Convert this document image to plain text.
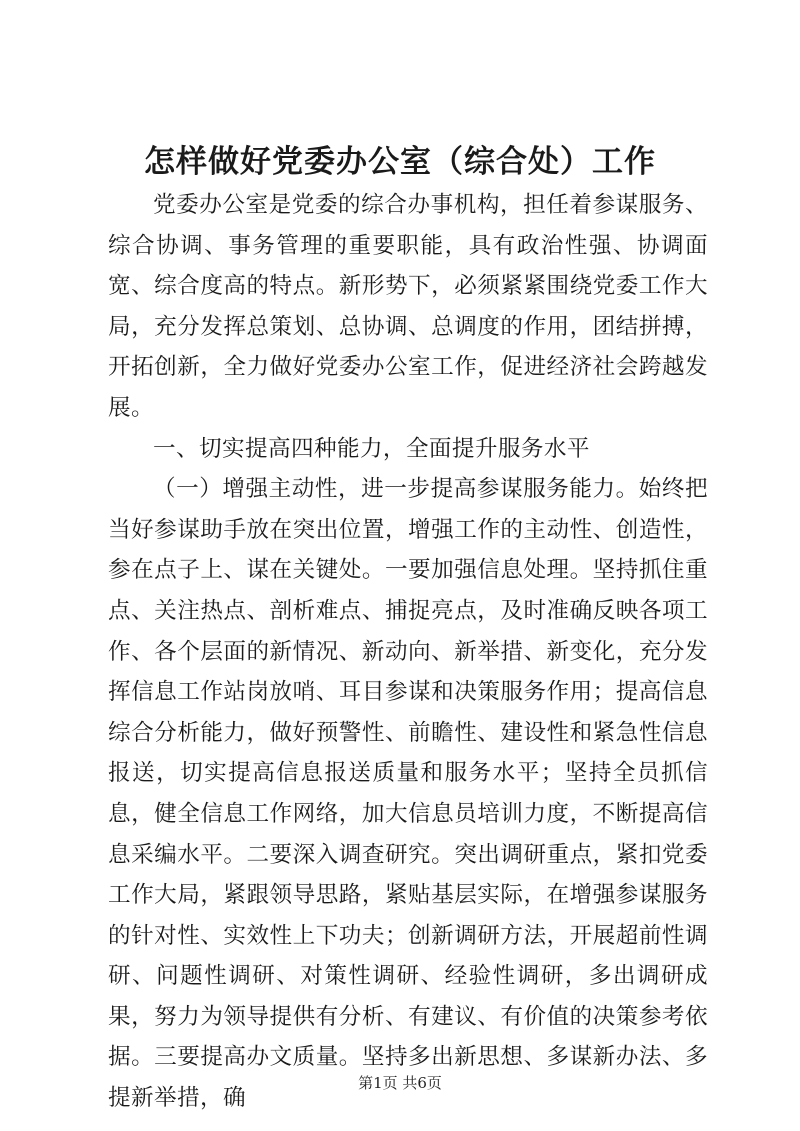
怎样做好党委办公室（综合处）工作

党委办公室是党委的综合办事机构，担任着参谋服务、综合协调、事务管理的重要职能，具有政治性强、协调面宽、综合度高的特点。新形势下，必须紧紧围绕党委工作大局，充分发挥总策划、总协调、总调度的作用，团结拼搏，开拓创新，全力做好党委办公室工作，促进经济社会跨越发展。

一、切实提高四种能力，全面提升服务水平

（一）增强主动性，进一步提高参谋服务能力。始终把当好参谋助手放在突出位置，增强工作的主动性、创造性，参在点子上、谋在关键处。一要加强信息处理。坚持抓住重点、关注热点、剖析难点、捕捉亮点，及时准确反映各项工作、各个层面的新情况、新动向、新举措、新变化，充分发挥信息工作站岗放哨、耳目参谋和决策服务作用；提高信息综合分析能力，做好预警性、前瞻性、建设性和紧急性信息报送，切实提高信息报送质量和服务水平；坚持全员抓信息，健全信息工作网络，加大信息员培训力度，不断提高信息采编水平。二要深入调查研究。突出调研重点，紧扣党委工作大局，紧跟领导思路，紧贴基层实际，在增强参谋服务的针对性、实效性上下功夫；创新调研方法，开展超前性调研、问题性调研、对策性调研、经验性调研，多出调研成果，努力为领导提供有分析、有建议、有价值的决策参考依据。三要提高办文质量。坚持多出新思想、多谋新办法、多提新举措，确

第1页 共6页
